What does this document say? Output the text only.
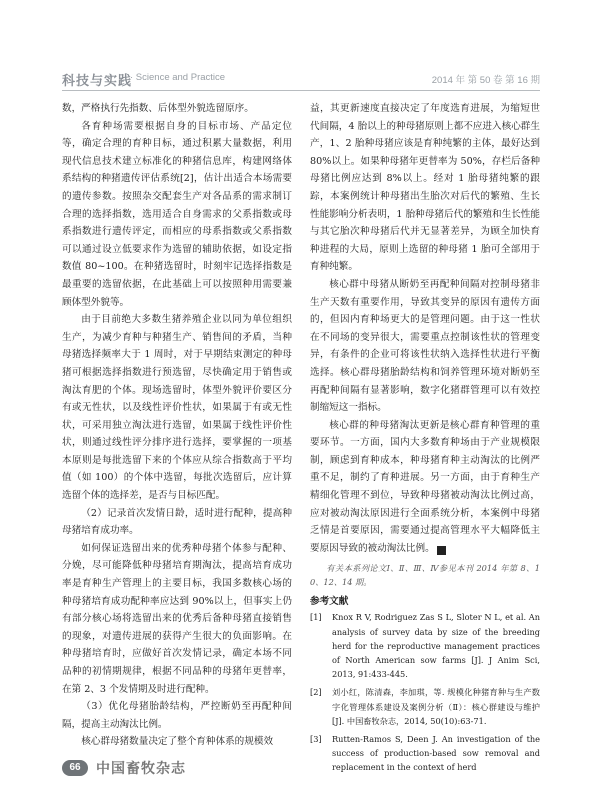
科技与实践
· Science and Practice	2014 年 第 50 卷 第 16 期

数，严格执行先指数、后体型外貌选留原序。

各育种场需要根据自身的目标市场、产品定位等，确定合理的育种目标，通过积累大量数据，利用现代信息技术建立标准化的种猪信息库，构建网络体系结构的种猪遗传评估系统[2]，估计出适合本场需要的遗传参数。按照杂交配套生产对各品系的需求制订合理的选择指数，选用适合自身需求的父系指数或母系指数进行遗传评定，而相应的母系指数或父系指数可以通过设立低要求作为选留的辅助依据，如设定指数值 80~100。在种猪选留时，时刻牢记选择指数是最重要的选留依据，在此基础上可以按照种用需要兼顾体型外貌等。

由于目前绝大多数生猪养殖企业以同为单位组织生产，为减少育种与种猪生产、销售间的矛盾，当种母猪选择频率大于 1 周时，对于早期结束测定的种母猪可根据选择指数进行预选留，尽快确定用于销售或淘汰育肥的个体。现场选留时，体型外貌评价要区分有或无性状，以及线性评价性状，如果属于有或无性状，可采用独立淘汰进行选留，如果属于线性评价性状，则通过线性评分排序进行选择，要掌握的一项基本原则是每批选留下来的个体应从综合指数高于平均值（如 100）的个体中选留，每批次选留后，应计算选留个体的选择差，是否与目标匹配。

（2）记录首次发情日龄，适时进行配种，提高种母猪培育成功率。

如何保证选留出来的优秀种母猪个体参与配种、分娩，尽可能降低种母猪培育期淘汰，提高培育成功率是育种生产管理上的主要目标，我国多数核心场的种母猪培育成功配种率应达到 90%以上，但事实上仍有部分核心场将选留出来的优秀后备种母猪直接销售的现象，对遗传进展的获得产生很大的负面影响。在种母猪培育时，应做好首次发情记录，确定本场不同品种的初情期规律，根据不同品种的母猪年更替率，在第 2、3 个发情期及时进行配种。

（3）优化母猪胎龄结构，严控断奶至再配种间隔，提高主动淘汰比例。

核心群母猪数量决定了整个育种体系的规模效

益，其更新速度直接决定了年度选育进展，为缩短世代间隔，4 胎以上的种母猪原则上都不应进入核心群生产，1、2 胎种母猪应该是育种纯繁的主体，最好达到 80%以上。如果种母猪年更替率为 50%，存栏后备种母猪比例应达到 8%以上。经对 1 胎母猪纯繁的跟踪，本案例统计种母猪出生胎次对后代的繁殖、生长性能影响分析表明，1 胎种母猪后代的繁殖和生长性能与其它胎次种母猪后代并无显著差异，为顾全加快育种进程的大局，原则上选留的种母猪 1 胎可全部用于育种纯繁。

核心群中母猪从断奶至再配种间隔对控制母猪非生产天数有重要作用，导致其变异的原因有遗传方面的，但因内育种场更大的是管理问题。由于这一性状在不同场的变异很大，需要重点控制该性状的管理变异，有条件的企业可将该性状纳入选择性状进行平衡选择。核心群母猪胎龄结构和饲养管理环境对断奶至再配种间隔有显著影响，数字化猪群管理可以有效控制缩短这一指标。

核心群的种母猪淘汰更新是核心群育种管理的重要环节。一方面，国内大多数育种场由于产业规模限制，顾虑到育种成本，种母猪育种主动淘汰的比例严重不足，制约了育种进展。另一方面，由于育种生产精细化管理不到位，导致种母猪被动淘汰比例过高，应对被动淘汰原因进行全面系统分析，本案例中母猪乏情是首要原因，需要通过提高管理水平大幅降低主要原因导致的被动淘汰比例。	A

有关本系列论文Ⅰ、Ⅱ、Ⅲ、Ⅳ参见本刊 2014 年第 8、10、12、14 期。

参考文献
[1] Knox R V, Rodriguez Zas S L, Sloter N L, et al. An analysis of survey data by size of the breeding herd for the reproductive management practices of North American sow farms [J]. J Anim Sci, 2013, 91:433-445.
[2] 刘小红，陈清森，李加琪，等. 规模化种猪育种与生产数字化管理体系建设及案例分析（Ⅱ）：核心群建设与维护 [J]. 中国畜牧杂志，2014, 50(10):63-71.
[3] Rutten-Ramos S, Deen J. An investigation of the success of production-based sow removal and replacement in the context of herd
66	中国畜牧杂志
